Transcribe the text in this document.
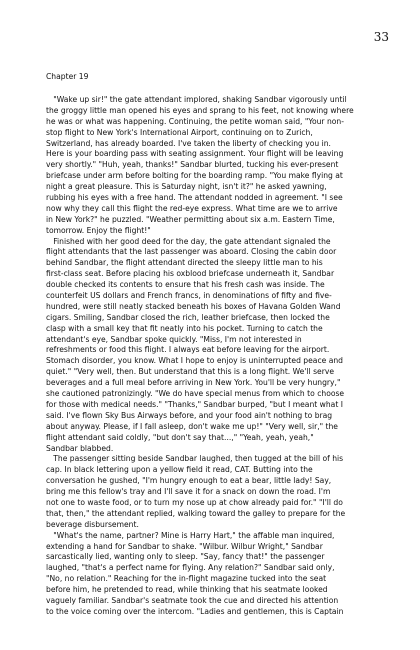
33
Chapter 19
"Wake up sir!" the gate attendant implored, shaking Sandbar vigorously until
the groggy little man opened his eyes and sprang to his feet, not knowing where
he was or what was happening. Continuing, the petite woman said, "Your non-
stop flight to New York's International Airport, continuing on to Zurich,
Switzerland, has already boarded. I've taken the liberty of checking you in.
Here is your boarding pass with seating assignment. Your flight will be leaving
very shortly." "Huh, yeah, thanks!" Sandbar blurted, tucking his ever-present
briefcase under arm before bolting for the boarding ramp. "You make flying at
night a great pleasure. This is Saturday night, isn't it?" he asked yawning,
rubbing his eyes with a free hand. The attendant nodded in agreement. "I see
now why they call this flight the red-eye express. What time are we to arrive
in New York?" he puzzled. "Weather permitting about six a.m. Eastern Time,
tomorrow. Enjoy the flight!"
Finished with her good deed for the day, the gate attendant signaled the
flight attendants that the last passenger was aboard. Closing the cabin door
behind Sandbar, the flight attendant directed the sleepy little man to his
first-class seat. Before placing his oxblood briefcase underneath it, Sandbar
double checked its contents to ensure that his fresh cash was inside. The
counterfeit US dollars and French francs, in denominations of fifty and five-
hundred, were still neatly stacked beneath his boxes of Havana Golden Wand
cigars. Smiling, Sandbar closed the rich, leather briefcase, then locked the
clasp with a small key that fit neatly into his pocket. Turning to catch the
attendant's eye, Sandbar spoke quickly. "Miss, I'm not interested in
refreshments or food this flight. I always eat before leaving for the airport.
Stomach disorder, you know. What I hope to enjoy is uninterrupted peace and
quiet." "Very well, then. But understand that this is a long flight. We'll serve
beverages and a full meal before arriving in New York. You'll be very hungry,"
she cautioned patronizingly. "We do have special menus from which to choose
for those with medical needs." "Thanks," Sandbar burped, "but I meant what I
said. I've flown Sky Bus Airways before, and your food ain't nothing to brag
about anyway. Please, if I fall asleep, don't wake me up!" "Very well, sir," the
flight attendant said coldly, "but don't say that...," "Yeah, yeah, yeah,"
Sandbar blabbed.
The passenger sitting beside Sandbar laughed, then tugged at the bill of his
cap. In black lettering upon a yellow field it read, CAT. Butting into the
conversation he gushed, "I'm hungry enough to eat a bear, little lady! Say,
bring me this fellow's tray and I'll save it for a snack on down the road. I'm
not one to waste food, or to turn my nose up at chow already paid for." "I'll do
that, then," the attendant replied, walking toward the galley to prepare for the
beverage disbursement.
"What's the name, partner? Mine is Harry Hart," the affable man inquired,
extending a hand for Sandbar to shake. "Wilbur. Wilbur Wright," Sandbar
sarcastically lied, wanting only to sleep. "Say, fancy that!" the passenger
laughed, "that's a perfect name for flying. Any relation?" Sandbar said only,
"No, no relation." Reaching for the in-flight magazine tucked into the seat
before him, he pretended to read, while thinking that his seatmate looked
vaguely familiar. Sandbar's seatmate took the cue and directed his attention
to the voice coming over the intercom. "Ladies and gentlemen, this is Captain
